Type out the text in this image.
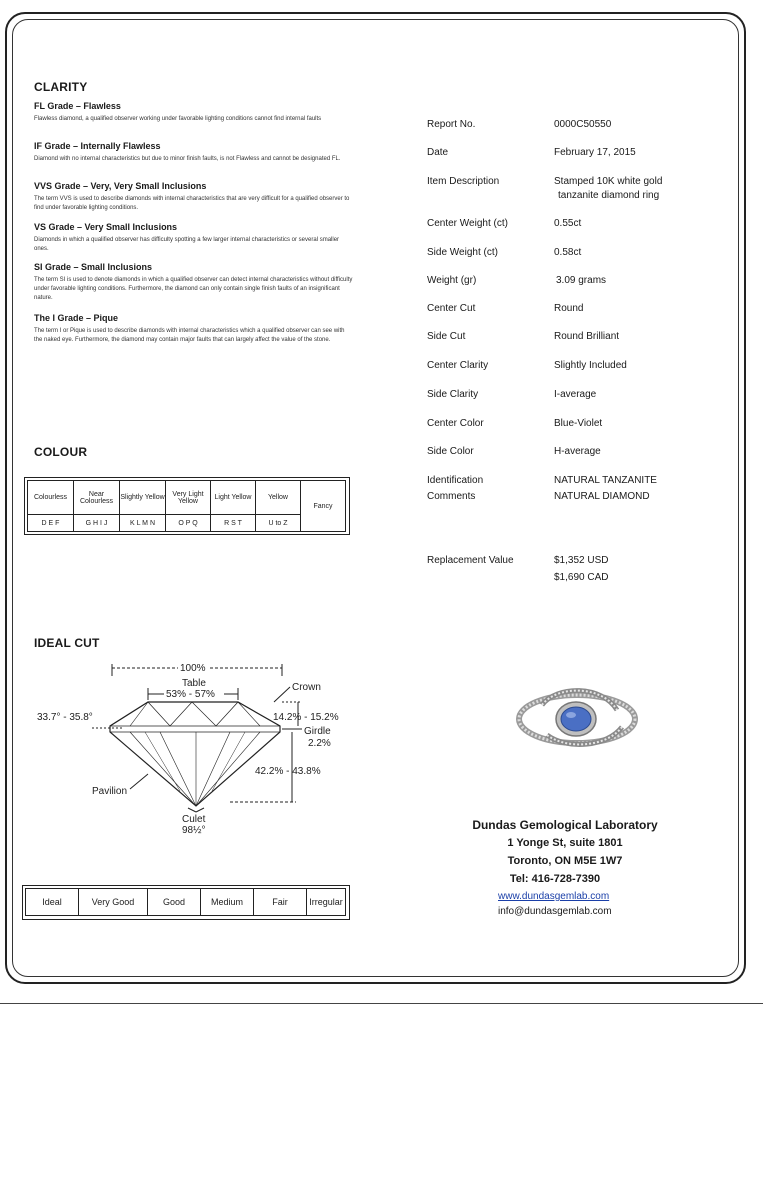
CLARITY
FL Grade – Flawless
Flawless diamond, a qualified observer working under favorable lighting conditions cannot find internal faults
IF Grade – Internally Flawless
Diamond with no internal characteristics but due to minor finish faults, is not Flawless and cannot be designated FL.
VVS Grade – Very, Very Small Inclusions
The term VVS is used to describe diamonds with internal characteristics that are very difficult for a qualified observer to find under favorable lighting conditions.
VS Grade – Very Small Inclusions
Diamonds in which a qualified observer has difficulty spotting a few larger internal characteristics or several smaller ones.
SI Grade – Small Inclusions
The term SI is used to denote diamonds in which a qualified observer can detect internal characteristics without difficulty under favorable lighting conditions. Furthermore, the diamond can only contain single finish faults of an insignificant nature.
The I Grade – Pique
The term I or Pique is used to describe diamonds with internal characteristics which a qualified observer can see with the naked eye. Furthermore, the diamond may contain major faults that can largely affect the value of the stone.
COLOUR
Colourless	Near Colourless	Slightly Yellow	Very Light Yellow	Light Yellow	Yellow	Fancy
D E F	G H I J	K L M N	O P Q	R S T	U to Z	
IDEAL CUT
100%
Table
53% - 57%
Crown
33.7° - 35.8°	14.2% - 15.2%
Girdle
2.2%
42.2% - 43.8%
Pavilion
Culet
98½°
Ideal	Very Good	Good	Medium	Fair	Irregular
Report No.	0000C50550
Date	February 17, 2015
Item Description	Stamped 10K white gold
tanzanite diamond ring
Center Weight (ct)	0.55ct
Side Weight (ct)	0.58ct
Weight (gr)	3.09 grams
Center Cut	Round
Side Cut	Round Brilliant
Center Clarity	Slightly Included
Side Clarity	I-average
Center Color	Blue-Violet
Side Color	H-average
Identification	NATURAL TANZANITE
Comments	NATURAL DIAMOND
Replacement Value	$1,352 USD
$1,690 CAD
Dundas Gemological Laboratory
1 Yonge St, suite 1801
Toronto, ON M5E 1W7
Tel: 416-728-7390
www.dundasgemlab.com
info@dundasgemlab.com
